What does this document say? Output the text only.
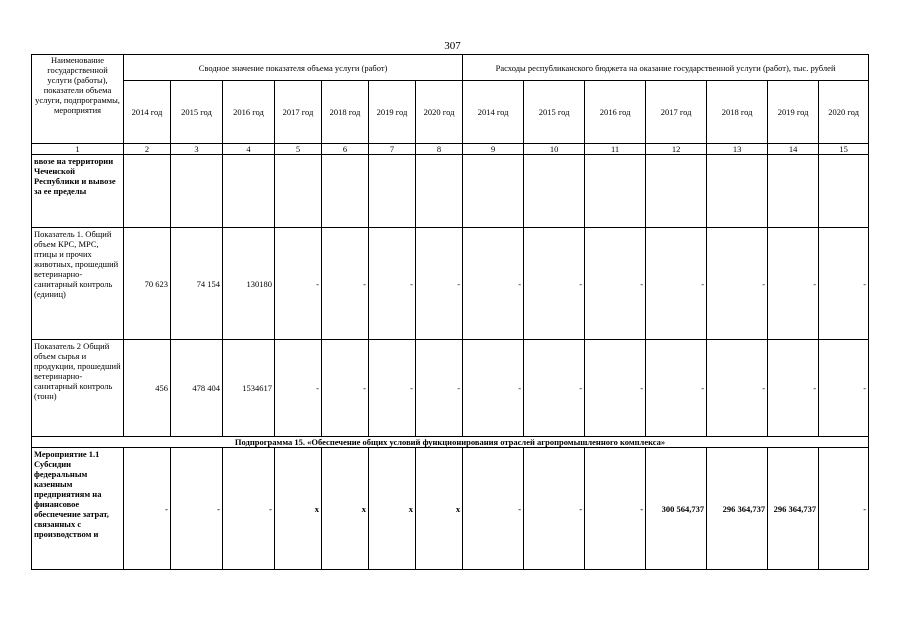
307
Наименование государственной услуги (работы), показатели объема услуги, подпрограммы, мероприятия	Сводное значение показателя объема услуги (работ)							Расходы республиканского бюджета на оказание государственной услуги (работ), тыс. рублей						
	2014 год	2015 год	2016 год	2017 год	2018 год	2019 год	2020 год	2014 год	2015 год	2016 год	2017 год	2018 год	2019 год	2020 год
1	2	3	4	5	6	7	8	9	10	11	12	13	14	15
ввозе на территории Чеченской Республики и вывозе за ее пределы														
Показатель 1. Общий объем КРС, МРС, птицы и прочих животных, прошедший ветеринарно-санитарный контроль (единиц)	70 623	74 154	130180	-	-	-	-	-	-	-	-	-	-	-
Показатель 2 Общий объем сырья и продукции, прошедший ветеринарно-санитарный контроль (тонн)	456	478 404	1534617	-	-	-	-	-	-	-	-	-	-	-
Подпрограмма 15. «Обеспечение общих условий функционирования отраслей агропромышленного комплекса»														
Мероприятие 1.1 Субсидии федеральным казенным предприятиям на финансовое обеспечение затрат, связанных с производством и	-	-	-	х	х	х	х	-	-	-	300 564,737	296 364,737	296 364,737	-
